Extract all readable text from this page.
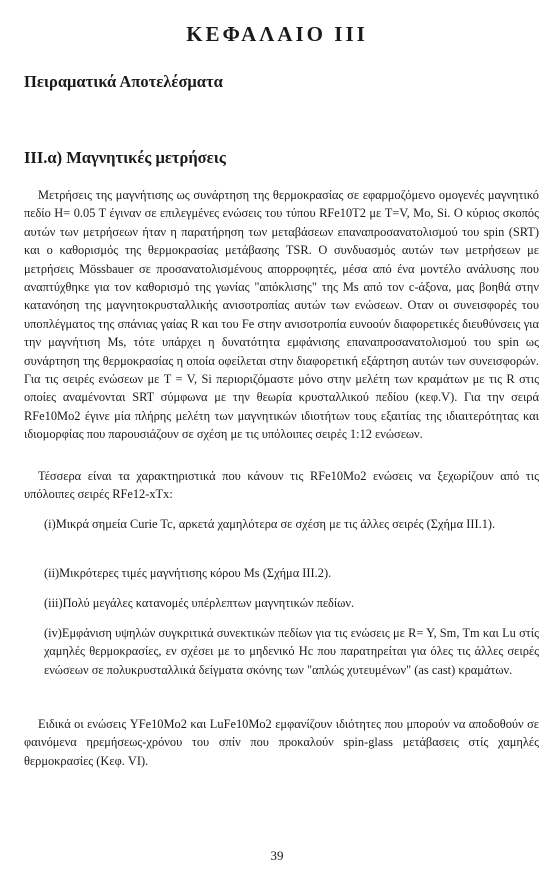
ΚΕΦΑΛΑΙΟ III
Πειραματικά Αποτελέσματα
III.α) Μαγνητικές μετρήσεις

Μετρήσεις της μαγνήτισης ως συνάρτηση της θερμοκρασίας σε εφαρμοζόμενο ομογενές μαγνητικό πεδίο H= 0.05 T έγιναν σε επιλεγμένες ενώσεις του τύπου RFe10T2 με T=V, Mo, Si. Ο κύριος σκοπός αυτών των μετρήσεων ήταν η παρατήρηση των μεταβάσεων επαναπροσανατολισμού του spin (SRT) και ο καθορισμός της θερμοκρασίας μετάβασης TSR. Ο συνδυασμός αυτών των μετρήσεων με μετρήσεις Mössbauer σε προσανατολισμένους απορροφητές, μέσα από ένα μοντέλο ανάλυσης που αναπτύχθηκε για τον καθορισμό της γωνίας "απόκλισης" της Ms από τον c-άξονα, μας βοηθά στην κατανόηση της μαγνητοκρυσταλλικής ανισοτροπίας αυτών των ενώσεων. Οταν οι συνεισφορές του υποπλέγματος της σπάνιας γαίας R και του Fe στην ανισοτροπία ευνοούν διαφορετικές διευθύνσεις για την μαγνήτιση Ms, τότε υπάρχει η δυνατότητα εμφάνισης επαναπροσανατολισμού του spin ως συνάρτηση της θερμοκρασίας η οποία οφείλεται στην διαφορετική εξάρτηση αυτών των συνεισφορών. Για τις σειρές ενώσεων με T = V, Si περιοριζόμαστε μόνο στην μελέτη των κραμάτων με τις R στις οποίες αναμένονται SRT σύμφωνα με την θεωρία κρυσταλλικού πεδίου (κεφ.V). Για την σειρά RFe10Mo2 έγινε μία πλήρης μελέτη των μαγνητικών ιδιοτήτων τους εξαιτίας της ιδιαιτερότητας και ιδιομορφίας που παρουσιάζουν σε σχέση με τις υπόλοιπες σειρές 1:12 ενώσεων.

Τέσσερα είναι τα χαρακτηριστικά που κάνουν τις RFe10Mo2 ενώσεις να ξεχωρίζουν από τις υπόλοιπες σειρές RFe12-xTx:

(i)Μικρά σημεία Curie Tc, αρκετά χαμηλότερα σε σχέση με τις άλλες σειρές (Σχήμα III.1).
(ii)Μικρότερες τιμές μαγνήτισης κόρου Ms (Σχήμα III.2).
(iii)Πολύ μεγάλες κατανομές υπέρλεπτων μαγνητικών πεδίων.
(iv)Εμφάνιση υψηλών συγκριτικά συνεκτικών πεδίων για τις ενώσεις με R= Y, Sm, Tm και Lu στίς χαμηλές θερμοκρασίες, εν σχέσει με το μηδενικό Hc που παρατηρείται για όλες τις άλλες σειρές ενώσεων σε πολυκρυσταλλικά δείγματα σκόνης των "απλώς χυτευμένων" (as cast) κραμάτων.

Ειδικά οι ενώσεις YFe10Mo2 και LuFe10Mo2 εμφανίζουν ιδιότητες που μπορούν να αποδοθούν σε φαινόμενα ηρεμήσεως-χρόνου του σπίν που προκαλούν spin-glass μετάβασεις στίς χαμηλές θερμοκρασίες (Κεφ. VI).

39
